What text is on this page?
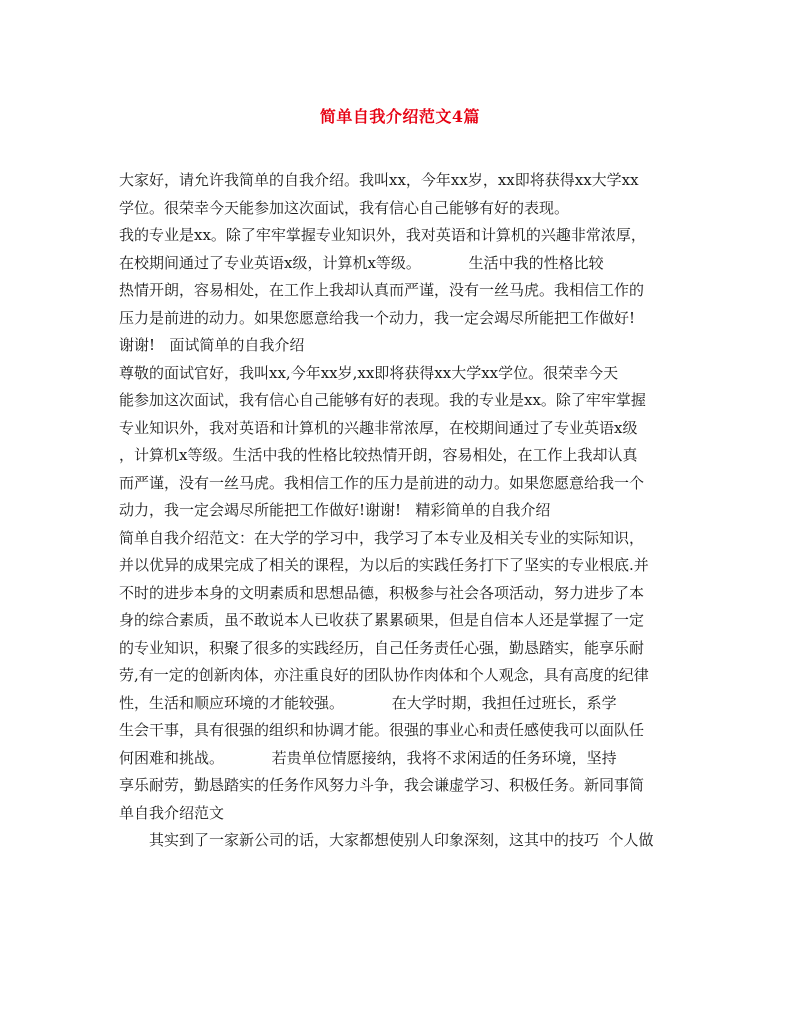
简单自我介绍范文4篇
大家好，请允许我简单的自我介绍。我叫xx，今年xx岁，xx即将获得xx大学xx
学位。很荣幸今天能参加这次面试，我有信心自己能够有好的表现。
我的专业是xx。除了牢牢掌握专业知识外，我对英语和计算机的兴趣非常浓厚，
在校期间通过了专业英语x级，计算机x等级。          生活中我的性格比较
热情开朗，容易相处，在工作上我却认真而严谨，没有一丝马虎。我相信工作的
压力是前进的动力。如果您愿意给我一个动力，我一定会竭尽所能把工作做好!
谢谢!   面试简单的自我介绍
尊敬的面试官好，我叫xx,今年xx岁,xx即将获得xx大学xx学位。很荣幸今天
能参加这次面试，我有信心自己能够有好的表现。我的专业是xx。除了牢牢掌握
专业知识外，我对英语和计算机的兴趣非常浓厚，在校期间通过了专业英语x级
，计算机x等级。生活中我的性格比较热情开朗，容易相处，在工作上我却认真
而严谨，没有一丝马虎。我相信工作的压力是前进的动力。如果您愿意给我一个
动力，我一定会竭尽所能把工作做好!谢谢!   精彩简单的自我介绍
简单自我介绍范文：在大学的学习中，我学习了本专业及相关专业的实际知识，
并以优异的成果完成了相关的课程，为以后的实践任务打下了坚实的专业根底.并
不时的进步本身的文明素质和思想品德，积极参与社会各项活动，努力进步了本
身的综合素质，虽不敢说本人已收获了累累硕果，但是自信本人还是掌握了一定
的专业知识，积聚了很多的实践经历，自己任务责任心强，勤恳踏实，能享乐耐
劳,有一定的创新肉体，亦注重良好的团队协作肉体和个人观念，具有高度的纪律
性，生活和顺应环境的才能较强。          在大学时期，我担任过班长，系学
生会干事，具有很强的组织和协调才能。很强的事业心和责任感使我可以面队任
何困难和挑战。          若贵单位情愿接纳，我将不求闲适的任务环境，坚持
享乐耐劳，勤恳踏实的任务作风努力斗争，我会谦虚学习、积极任务。新同事简
单自我介绍范文
其实到了一家新公司的话，大家都想使别人印象深刻，这其中的技巧  个人做
